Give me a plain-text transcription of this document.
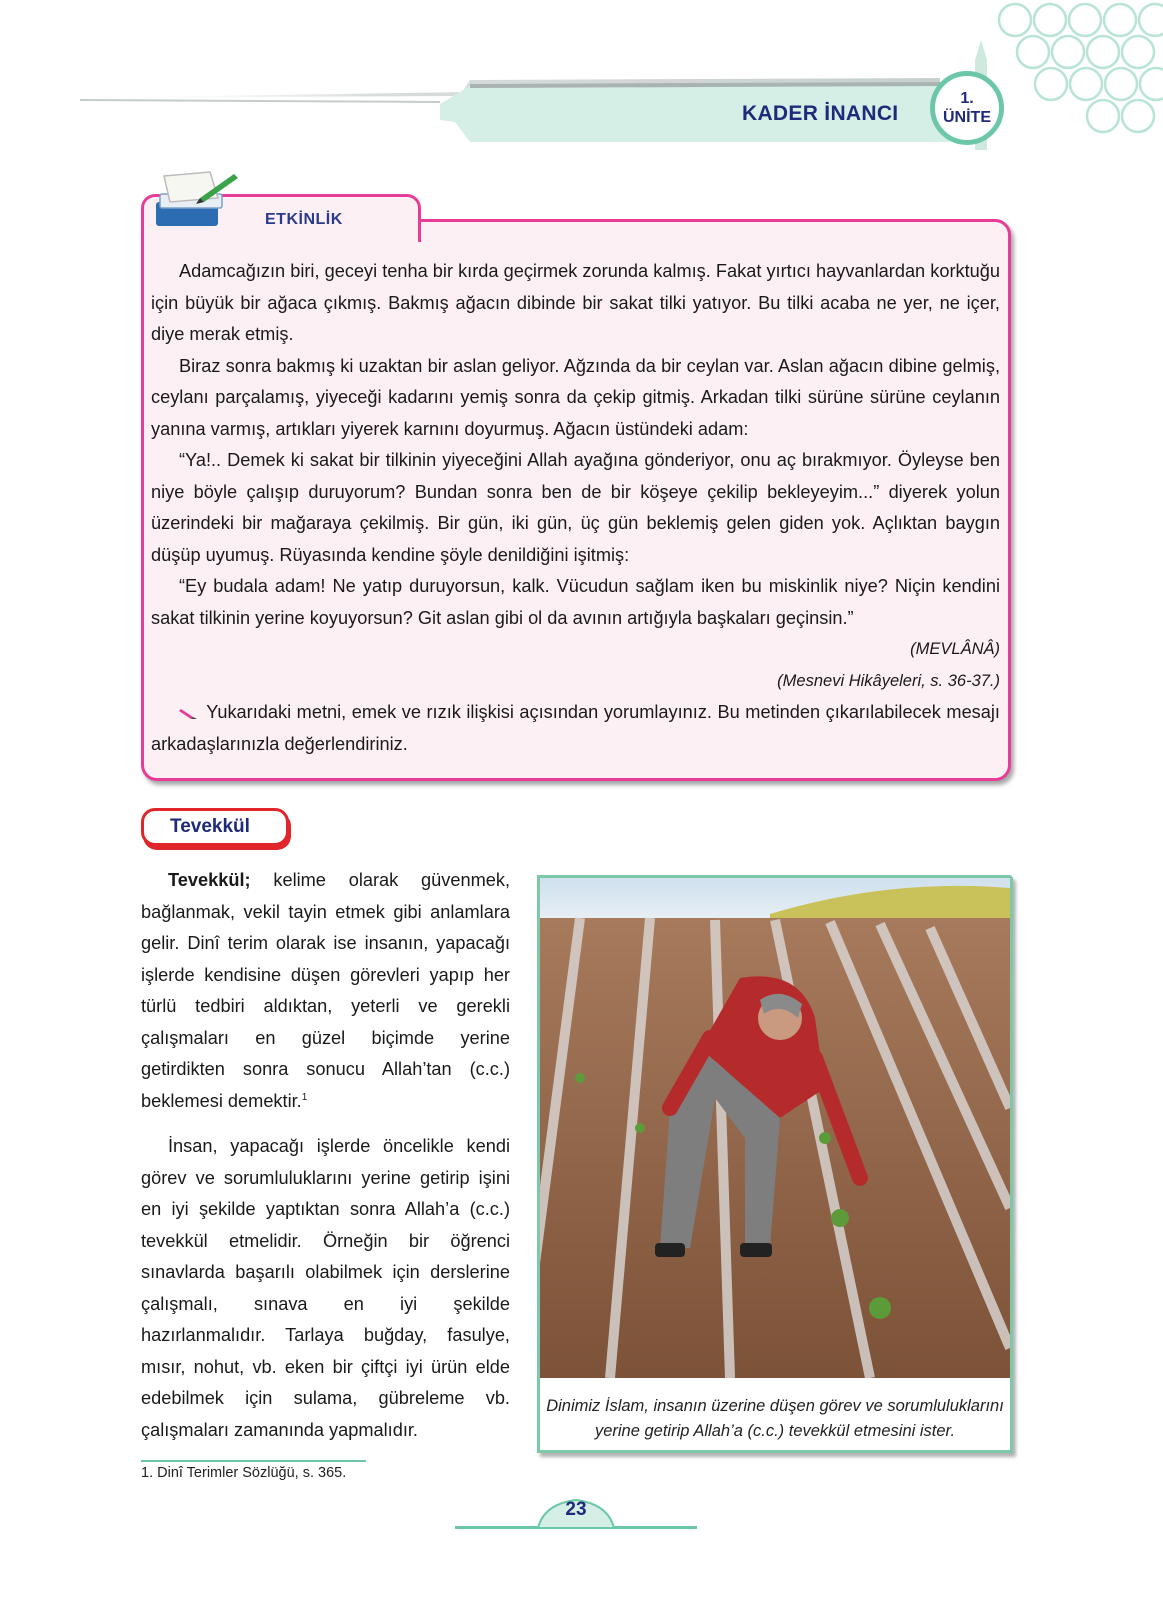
KADER İNANCI
1.
ÜNİTE
ETKİNLİK

Adamcağızın biri, geceyi tenha bir kırda geçirmek zorunda kalmış. Fakat yırtıcı hayvanlardan korktuğu için büyük bir ağaca çıkmış. Bakmış ağacın dibinde bir sakat tilki yatıyor. Bu tilki acaba ne yer, ne içer, diye merak etmiş.

Biraz sonra bakmış ki uzaktan bir aslan geliyor. Ağzında da bir ceylan var. Aslan ağacın dibine gelmiş, ceylanı parçalamış, yiyeceği kadarını yemiş sonra da çekip gitmiş. Arkadan tilki sürüne sürüne ceylanın yanına varmış, artıkları yiyerek karnını doyurmuş. Ağacın üstündeki adam:

“Ya!.. Demek ki sakat bir tilkinin yiyeceğini Allah ayağına gönderiyor, onu aç bırakmıyor. Öyleyse ben niye böyle çalışıp duruyorum? Bundan sonra ben de bir köşeye çekilip bekleyeyim...” diyerek yolun üzerindeki bir mağaraya çekilmiş. Bir gün, iki gün, üç gün beklemiş gelen giden yok. Açlıktan baygın düşüp uyumuş. Rüyasında kendine şöyle denildiğini işitmiş:

“Ey budala adam! Ne yatıp duruyorsun, kalk. Vücudun sağlam iken bu miskinlik niye? Niçin kendini sakat tilkinin yerine koyuyorsun? Git aslan gibi ol da avının artığıyla başkaları geçinsin.”

(MEVLÂNÂ)

(Mesnevi Hikâyeleri, s. 36-37.)

Yukarıdaki metni, emek ve rızık ilişkisi açısından yorumlayınız. Bu metinden çıkarılabilecek mesajı arkadaşlarınızla değerlendiriniz.

Tevekkül

Tevekkül; kelime olarak güvenmek, bağlanmak, vekil tayin etmek gibi anlamlara gelir. Dinî terim olarak ise insanın, yapacağı işlerde kendisine düşen görevleri yapıp her türlü tedbiri aldıktan, yeterli ve gerekli çalışmaları en güzel biçimde yerine getirdikten sonra sonucu Allah’tan (c.c.) beklemesi demektir.$^1$

İnsan, yapacağı işlerde öncelikle kendi görev ve sorumluluklarını yerine getirip işini en iyi şekilde yaptıktan sonra Allah’a (c.c.) tevekkül etmelidir. Örneğin bir öğrenci sınavlarda başarılı olabilmek için derslerine çalışmalı, sınava en iyi şekilde hazırlanmalıdır. Tarlaya buğday, fasulye, mısır, nohut, vb. eken bir çiftçi iyi ürün elde edebilmek için sulama, gübreleme vb. çalışmaları zamanında yapmalıdır.

Dinimiz İslam, insanın üzerine düşen görev ve sorumluluklarını yerine getirip Allah’a (c.c.) tevekkül etmesini ister.
1. Dinî Terimler Sözlüğü, s. 365.
23
